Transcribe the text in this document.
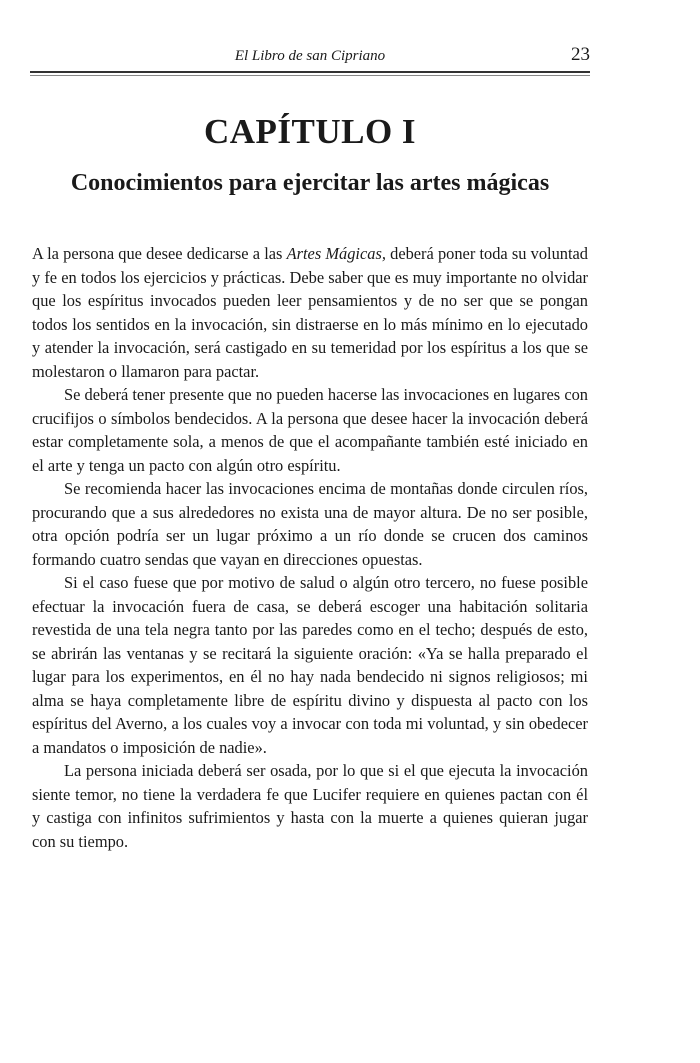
El Libro de san Cipriano	23
CAPÍTULO I
Conocimientos para ejercitar las artes mágicas

A la persona que desee dedicarse a las Artes Mágicas, deberá poner toda su voluntad y fe en todos los ejercicios y prácticas. Debe saber que es muy importante no olvidar que los espíritus invocados pueden leer pensamientos y de no ser que se pongan todos los sentidos en la invocación, sin distraerse en lo más mínimo en lo ejecutado y atender la invocación, será castigado en su temeridad por los espíritus a los que se molestaron o llamaron para pactar.

Se deberá tener presente que no pueden hacerse las invocaciones en lugares con crucifijos o símbolos bendecidos. A la persona que desee hacer la invocación deberá estar completamente sola, a menos de que el acompañante también esté iniciado en el arte y tenga un pacto con algún otro espíritu.

Se recomienda hacer las invocaciones encima de montañas donde circulen ríos, procurando que a sus alrededores no exista una de mayor altura. De no ser posible, otra opción podría ser un lugar próximo a un río donde se crucen dos caminos formando cuatro sendas que vayan en direcciones opuestas.

Si el caso fuese que por motivo de salud o algún otro tercero, no fuese posible efectuar la invocación fuera de casa, se deberá escoger una habitación solitaria revestida de una tela negra tanto por las paredes como en el techo; después de esto, se abrirán las ventanas y se recitará la siguiente oración: «Ya se halla preparado el lugar para los experimentos, en él no hay nada bendecido ni signos religiosos; mi alma se haya completamente libre de espíritu divino y dispuesta al pacto con los espíritus del Averno, a los cuales voy a invocar con toda mi voluntad, y sin obedecer a mandatos o imposición de nadie».

La persona iniciada deberá ser osada, por lo que si el que ejecuta la invocación siente temor, no tiene la verdadera fe que Lucifer requiere en quienes pactan con él y castiga con infinitos sufrimientos y hasta con la muerte a quienes quieran jugar con su tiempo.
